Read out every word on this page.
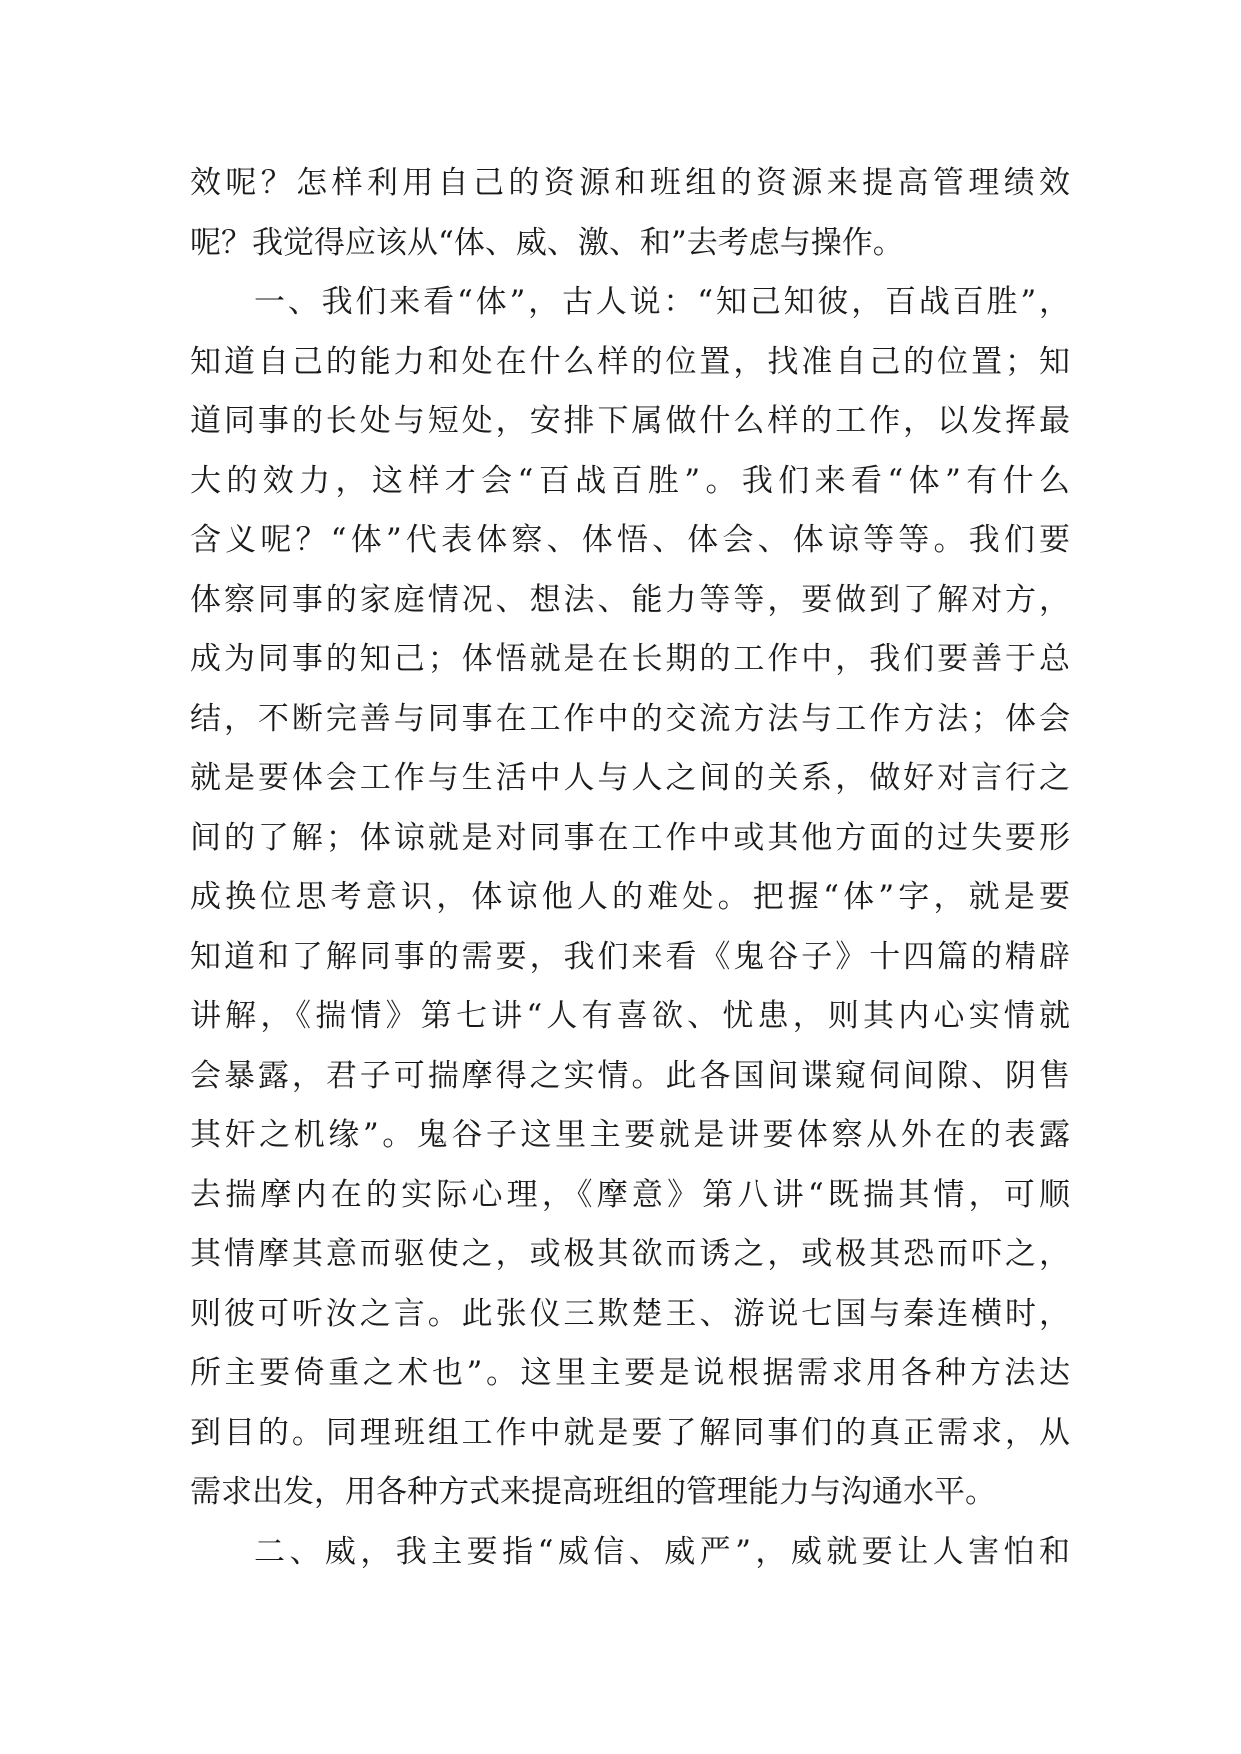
效呢？怎样利用自己的资源和班组的资源来提高管理绩效
呢？我觉得应该从“体、威、激、和”去考虑与操作。
一、我们来看“体”，古人说：“知己知彼，百战百胜”，
知道自己的能力和处在什么样的位置，找准自己的位置；知
道同事的长处与短处，安排下属做什么样的工作，以发挥最
大的效力，这样才会“百战百胜”。我们来看“体”有什么
含义呢？“体”代表体察、体悟、体会、体谅等等。我们要
体察同事的家庭情况、想法、能力等等，要做到了解对方，
成为同事的知己；体悟就是在长期的工作中，我们要善于总
结，不断完善与同事在工作中的交流方法与工作方法；体会
就是要体会工作与生活中人与人之间的关系，做好对言行之
间的了解；体谅就是对同事在工作中或其他方面的过失要形
成换位思考意识，体谅他人的难处。把握“体”字，就是要
知道和了解同事的需要，我们来看《鬼谷子》十四篇的精辟
讲解，《揣情》第七讲“人有喜欲、忧患，则其内心实情就
会暴露，君子可揣摩得之实情。此各国间谍窥伺间隙、阴售
其奸之机缘”。鬼谷子这里主要就是讲要体察从外在的表露
去揣摩内在的实际心理，《摩意》第八讲“既揣其情，可顺
其情摩其意而驱使之，或极其欲而诱之，或极其恐而吓之，
则彼可听汝之言。此张仪三欺楚王、游说七国与秦连横时，
所主要倚重之术也”。这里主要是说根据需求用各种方法达
到目的。同理班组工作中就是要了解同事们的真正需求，从
需求出发，用各种方式来提高班组的管理能力与沟通水平。
二、威，我主要指“威信、威严”，威就要让人害怕和
